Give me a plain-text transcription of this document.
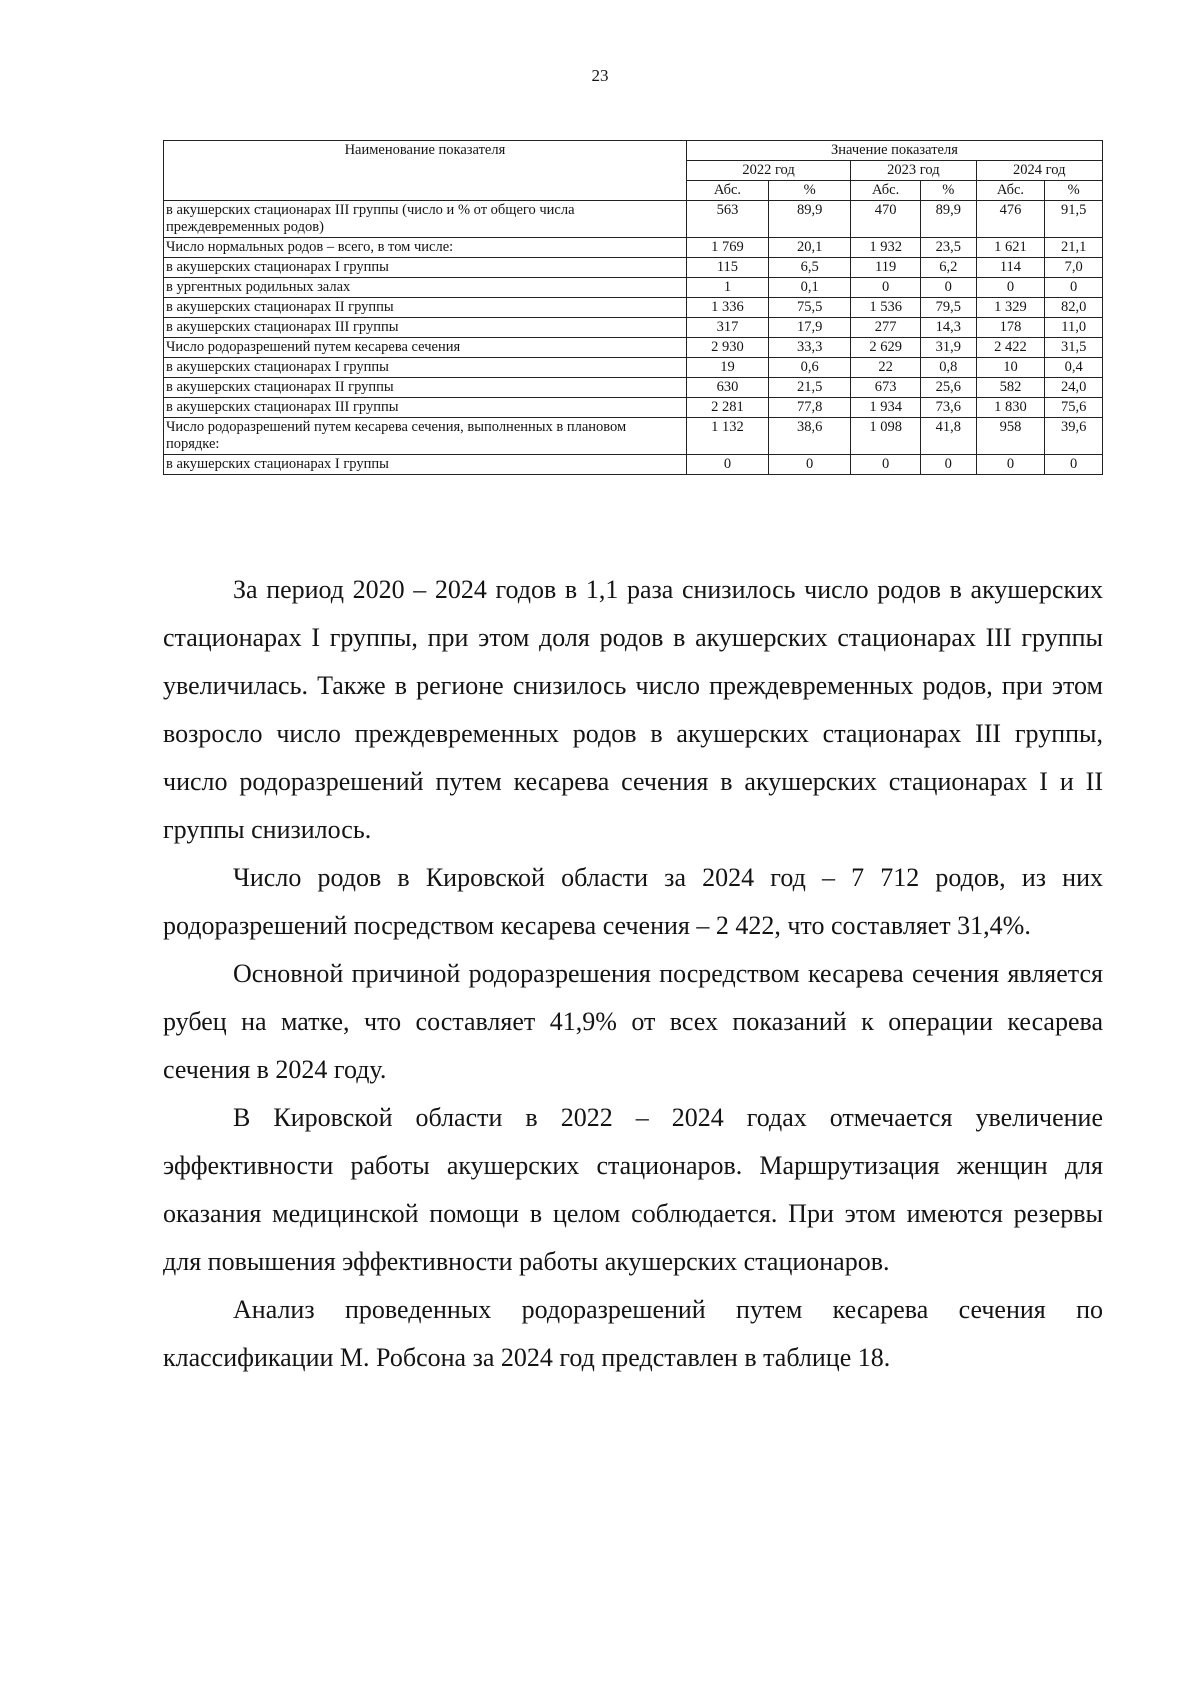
23
Наименование показателя	Значение показателя					
	2022 год		2023 год		2024 год	
	Абс.	%	Абс.	%	Абс.	%
в акушерских стационарах III группы (число и % от общего числа преждевременных родов)	563	89,9	470	89,9	476	91,5
Число нормальных родов – всего, в том числе:	1 769	20,1	1 932	23,5	1 621	21,1
в акушерских стационарах I группы	115	6,5	119	6,2	114	7,0
в ургентных родильных залах	1	0,1	0	0	0	0
в акушерских стационарах II группы	1 336	75,5	1 536	79,5	1 329	82,0
в акушерских стационарах III группы	317	17,9	277	14,3	178	11,0
Число родоразрешений путем кесарева сечения	2 930	33,3	2 629	31,9	2 422	31,5
в акушерских стационарах I группы	19	0,6	22	0,8	10	0,4
в акушерских стационарах II группы	630	21,5	673	25,6	582	24,0
в акушерских стационарах III группы	2 281	77,8	1 934	73,6	1 830	75,6
Число родоразрешений путем кесарева сечения, выполненных в плановом порядке:	1 132	38,6	1 098	41,8	958	39,6
в акушерских стационарах I группы	0	0	0	0	0	0

За период 2020 – 2024 годов в 1,1 раза снизилось число родов в акушерских стационарах I группы, при этом доля родов в акушерских стационарах III группы увеличилась. Также в регионе снизилось число преждевременных родов, при этом возросло число преждевременных родов в акушерских стационарах III группы, число родоразрешений путем кесарева сечения в акушерских стационарах I и II группы снизилось.

Число родов в Кировской области за 2024 год – 7 712 родов, из них родоразрешений посредством кесарева сечения – 2 422, что составляет 31,4%.

Основной причиной родоразрешения посредством кесарева сечения является рубец на матке, что составляет 41,9% от всех показаний к операции кесарева сечения в 2024 году.

В Кировской области в 2022 – 2024 годах отмечается увеличение эффективности работы акушерских стационаров. Маршрутизация женщин для оказания медицинской помощи в целом соблюдается. При этом имеются резервы для повышения эффективности работы акушерских стационаров.

Анализ проведенных родоразрешений путем кесарева сечения по классификации М. Робсона за 2024 год представлен в таблице 18.
